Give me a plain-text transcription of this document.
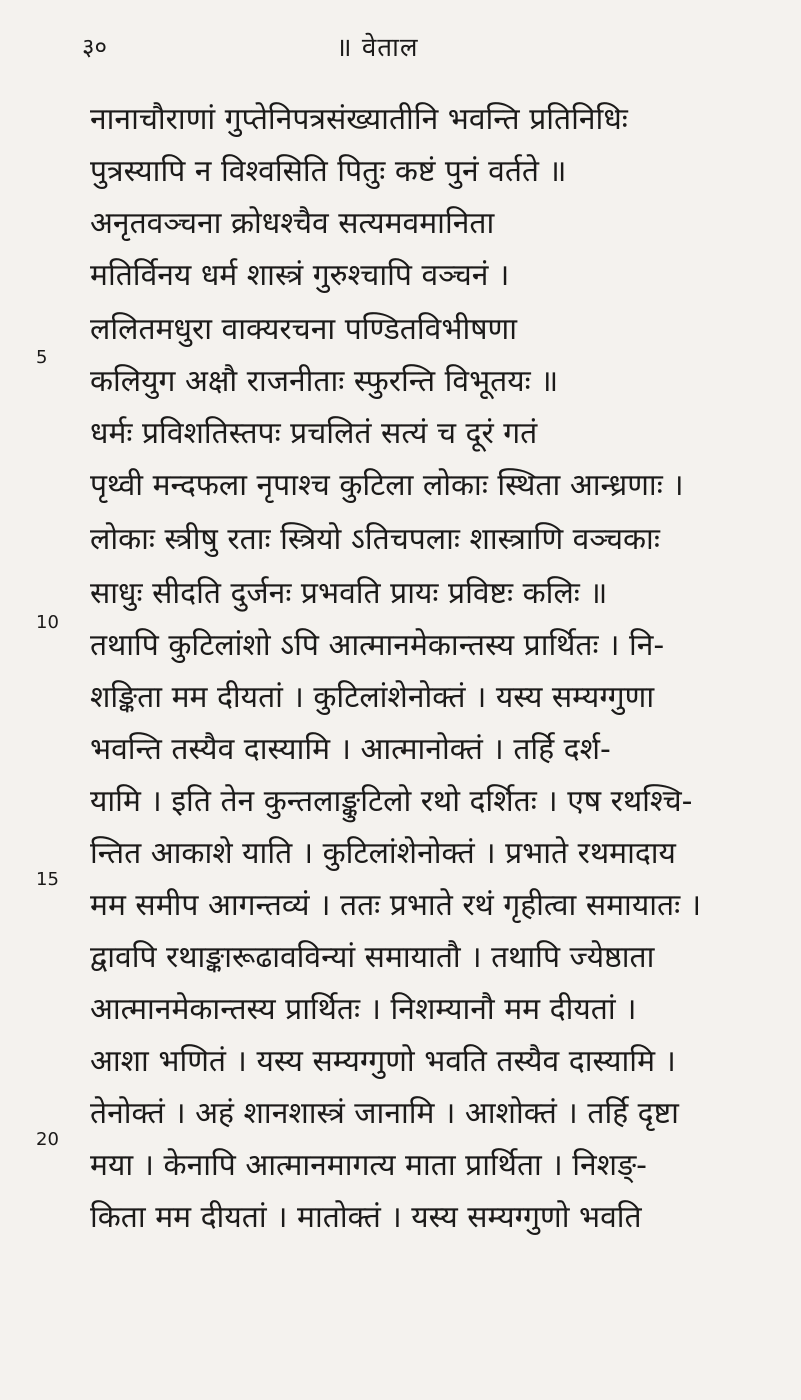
३०	॥ वेताल
5
10
15
20
नानाचौराणां गुप्तेनिपत्रसंख्यातीनि भवन्ति प्रतिनिधिः
पुत्रस्यापि न विश्वसिति पितुः कष्टं पुनं वर्तते ॥
अनृतवञ्चना क्रोधश्चैव सत्यमवमानिता
मतिर्विनय धर्म शास्त्रं गुरुश्चापि वञ्चनं ।
ललितमधुरा वाक्यरचना पण्डितविभीषणा
कलियुग अक्षौ राजनीताः स्फुरन्ति विभूतयः ॥
धर्मः प्रविशतिस्तपः प्रचलितं सत्यं च दूरं गतं
पृथ्वी मन्दफला नृपाश्च कुटिला लोकाः स्थिता आन्ध्रणाः ।
लोकाः स्त्रीषु रताः स्त्रियो ऽतिचपलाः शास्त्राणि वञ्चकाः
साधुः सीदति दुर्जनः प्रभवति प्रायः प्रविष्टः कलिः ॥
तथापि कुटिलांशो ऽपि आत्मानमेकान्तस्य प्रार्थितः । नि-
शङ्किता मम दीयतां । कुटिलांशेनोक्तं । यस्य सम्यग्गुणा
भवन्ति तस्यैव दास्यामि । आत्मानोक्तं । तर्हि दर्श-
यामि । इति तेन कुन्तलाङ्कुटिलो रथो दर्शितः । एष रथश्चि-
न्तित आकाशे याति । कुटिलांशेनोक्तं । प्रभाते रथमादाय
मम समीप आगन्तव्यं । ततः प्रभाते रथं गृहीत्वा समायातः ।
द्वावपि रथाङ्कारूढावविन्यां समायातौ । तथापि ज्येष्ठाता
आत्मानमेकान्तस्य प्रार्थितः । निशम्यानौ मम दीयतां ।
आशा भणितं । यस्य सम्यग्गुणो भवति तस्यैव दास्यामि ।
तेनोक्तं । अहं शानशास्त्रं जानामि । आशोक्तं । तर्हि दृष्टा
मया । केनापि आत्मानमागत्य माता प्रार्थिता । निशङ्-
किता मम दीयतां । मातोक्तं । यस्य सम्यग्गुणो भवति
